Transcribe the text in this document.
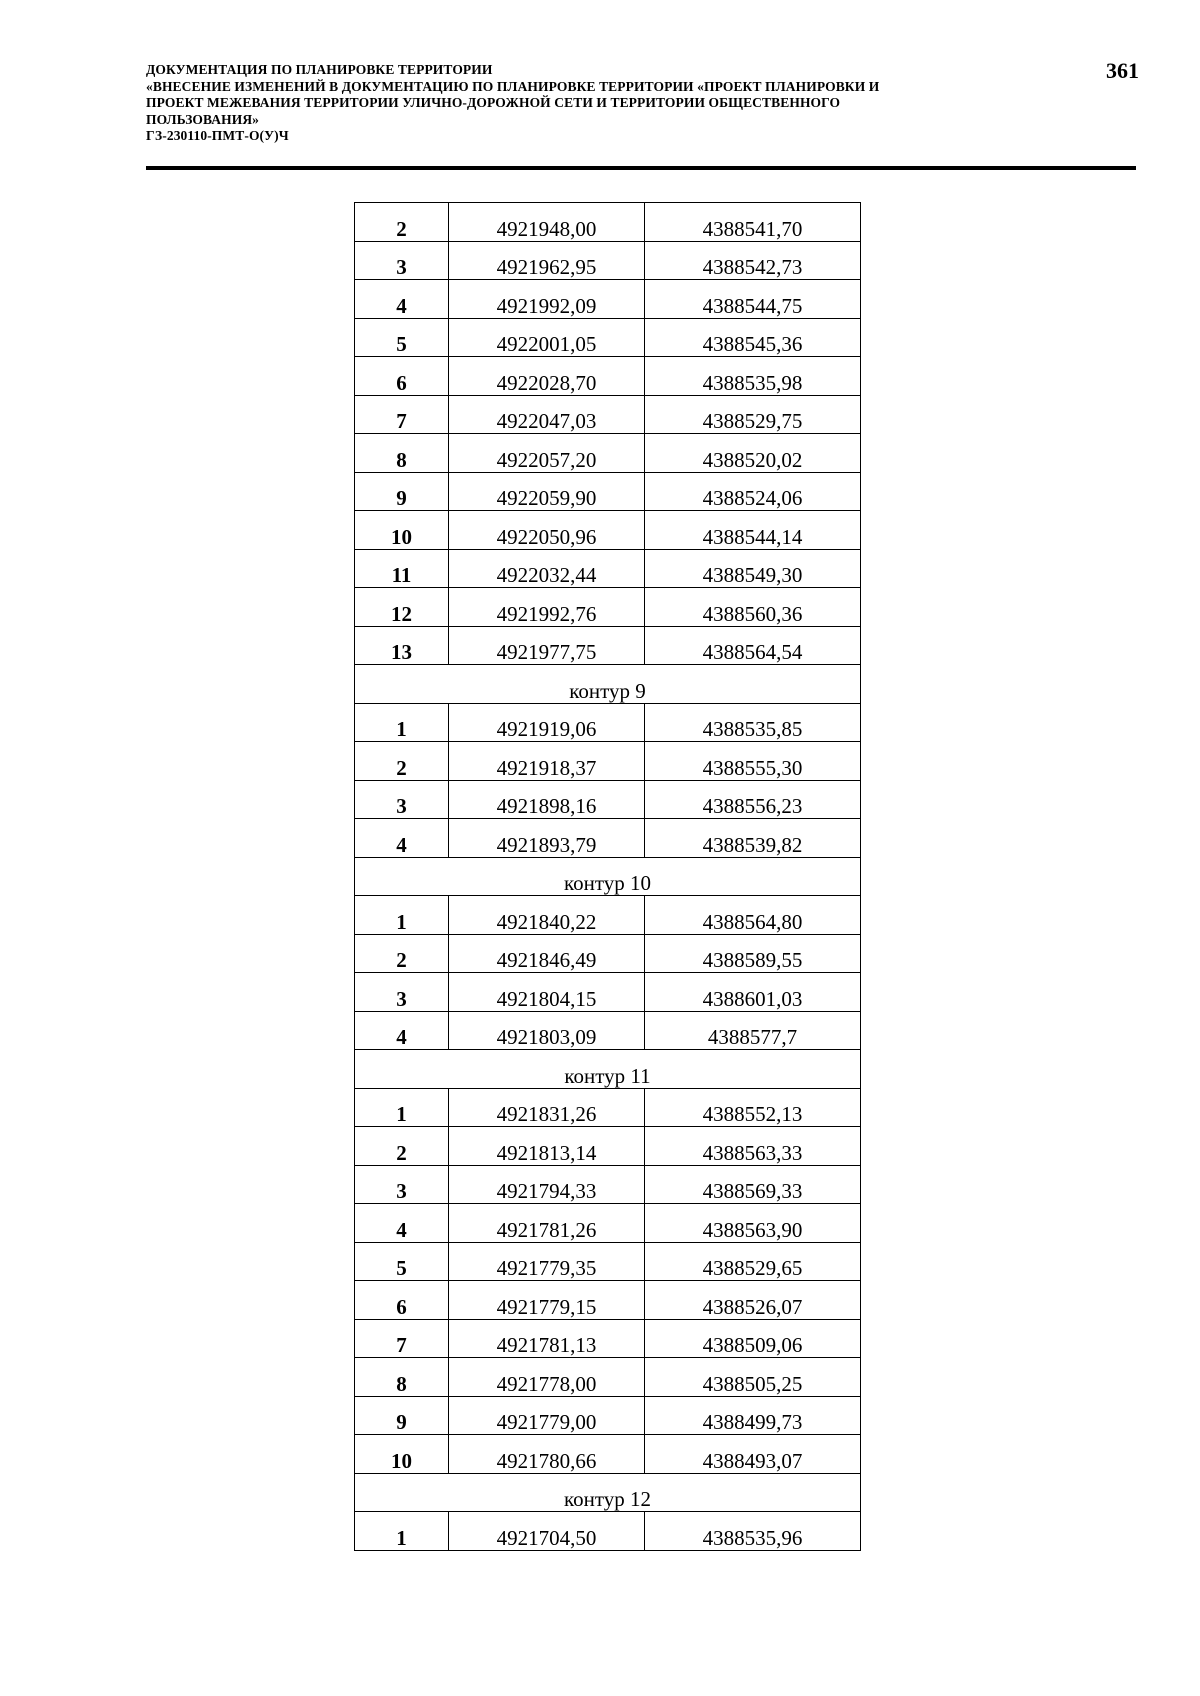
ДОКУМЕНТАЦИЯ ПО ПЛАНИРОВКЕ ТЕРРИТОРИИ
«ВНЕСЕНИЕ ИЗМЕНЕНИЙ В ДОКУМЕНТАЦИЮ ПО ПЛАНИРОВКЕ ТЕРРИТОРИИ «ПРОЕКТ ПЛАНИРОВКИ И
ПРОЕКТ МЕЖЕВАНИЯ ТЕРРИТОРИИ УЛИЧНО-ДОРОЖНОЙ СЕТИ И ТЕРРИТОРИИ ОБЩЕСТВЕННОГО
ПОЛЬЗОВАНИЯ»
ГЗ-230110-ПМТ-О(У)Ч
361
2	4921948,00	4388541,70
3	4921962,95	4388542,73
4	4921992,09	4388544,75
5	4922001,05	4388545,36
6	4922028,70	4388535,98
7	4922047,03	4388529,75
8	4922057,20	4388520,02
9	4922059,90	4388524,06
10	4922050,96	4388544,14
11	4922032,44	4388549,30
12	4921992,76	4388560,36
13	4921977,75	4388564,54
контур 9		
1	4921919,06	4388535,85
2	4921918,37	4388555,30
3	4921898,16	4388556,23
4	4921893,79	4388539,82
контур 10		
1	4921840,22	4388564,80
2	4921846,49	4388589,55
3	4921804,15	4388601,03
4	4921803,09	4388577,7
контур 11		
1	4921831,26	4388552,13
2	4921813,14	4388563,33
3	4921794,33	4388569,33
4	4921781,26	4388563,90
5	4921779,35	4388529,65
6	4921779,15	4388526,07
7	4921781,13	4388509,06
8	4921778,00	4388505,25
9	4921779,00	4388499,73
10	4921780,66	4388493,07
контур 12		
1	4921704,50	4388535,96
